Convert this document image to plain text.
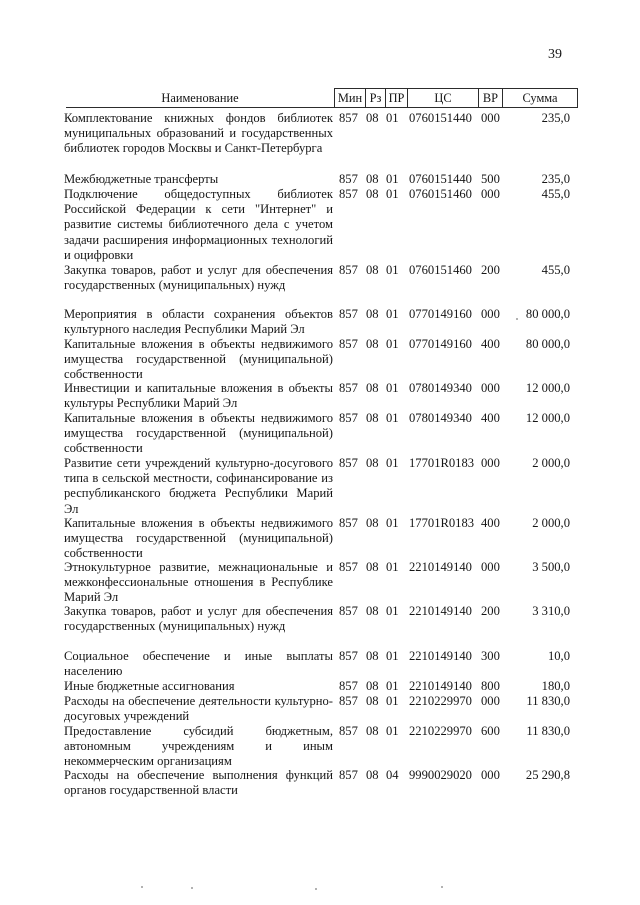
39
Наименование	Мин Рз ПР	ЦС	ВР	Сумма
Комплектование книжных фондов библиотек муниципальных образований и государственных библиотек городов Москвы и Санкт-Петербурга
857 08 01 0760151440 000	235,0
Межбюджетные трансферты	857 08 01 0760151440 500	235,0
Подключение общедоступных библиотек Российской Федерации к сети "Интернет" и развитие системы библиотечного дела с учетом задачи расширения информационных технологий и оцифровки
857 08 01 0760151460 000	455,0
Закупка товаров, работ и услуг для обеспечения государственных (муниципальных) нужд
857 08 01 0760151460 200	455,0
Мероприятия в области сохранения объектов культурного наследия Республики Марий Эл
857 08 01 0770149160 000	80 000,0
Капитальные вложения в объекты недвижимого имущества государственной (муниципальной) собственности
857 08 01 0770149160 400	80 000,0
Инвестиции и капитальные вложения в объекты культуры Республики Марий Эл
857 08 01 0780149340 000	12 000,0
Капитальные вложения в объекты недвижимого имущества государственной (муниципальной) собственности
857 08 01 0780149340 400	12 000,0
Развитие сети учреждений культурно-досугового типа в сельской местности, софинансирование из республиканского бюджета Республики Марий Эл
857 08 01 17701R0183 000	2 000,0
Капитальные вложения в объекты недвижимого имущества государственной (муниципальной) собственности
857 08 01 17701R0183 400	2 000,0
Этнокультурное развитие, межнациональные и межконфессиональные отношения в Республике Марий Эл
857 08 01 2210149140 000	3 500,0
Закупка товаров, работ и услуг для обеспечения государственных (муниципальных) нужд
857 08 01 2210149140 200	3 310,0
Социальное обеспечение и иные выплаты населению
857 08 01 2210149140 300	10,0
Иные бюджетные ассигнования	857 08 01 2210149140 800	180,0
Расходы на обеспечение деятельности культурно-досуговых учреждений
857 08 01 2210229970 000	11 830,0
Предоставление субсидий бюджетным, автономным учреждениям и иным некоммерческим организациям
857 08 01 2210229970 600	11 830,0
Расходы на обеспечение выполнения функций органов государственной власти
857 08 04 9990029020 000	25 290,8
